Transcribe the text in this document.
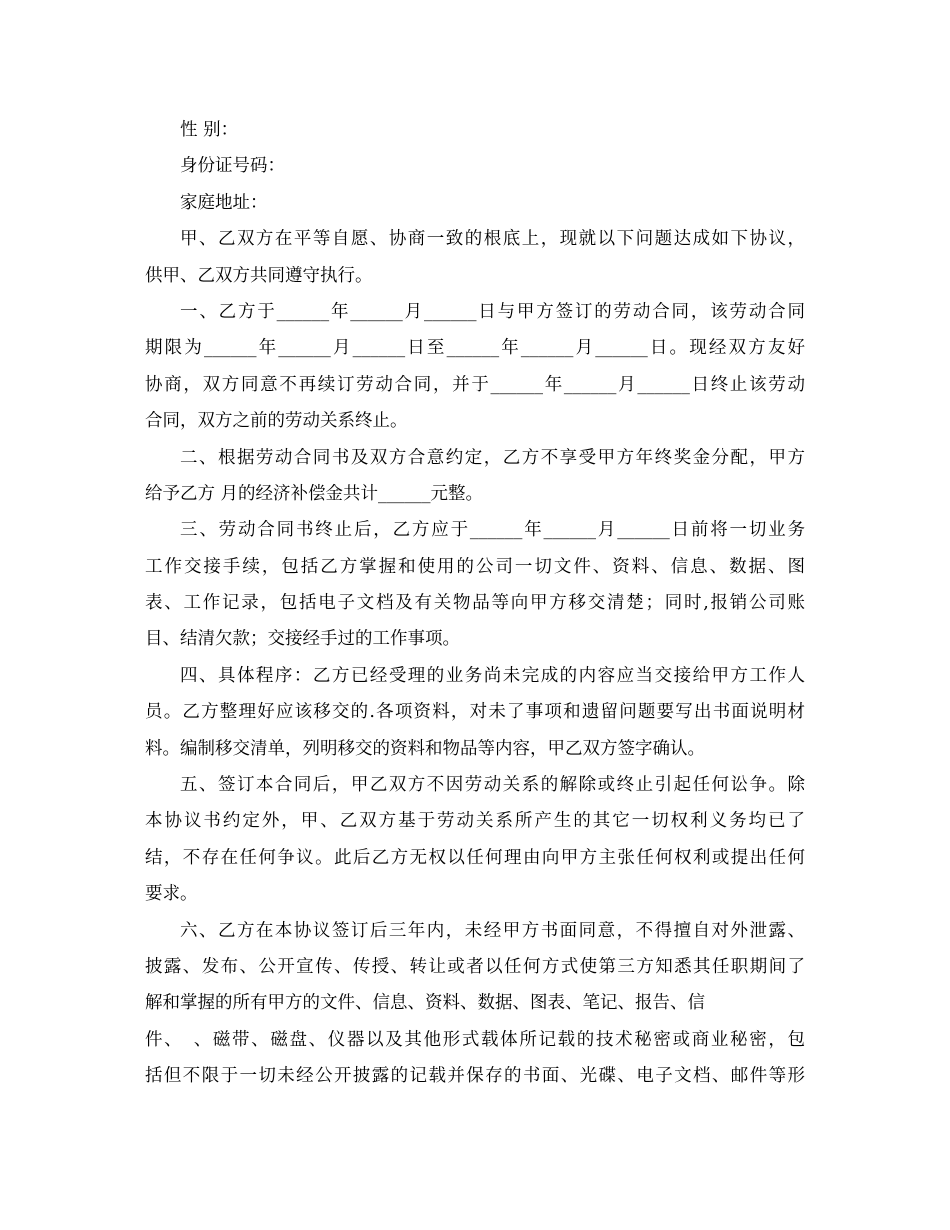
性 别：
身份证号码：
家庭地址：
甲、乙双方在平等自愿、协商一致的根底上，现就以下问题达成如下协议，
供甲、乙双方共同遵守执行。
一、乙方于______年______月______日与甲方签订的劳动合同，该劳动合同
期限为______年______月______日至______年______月______日。现经双方友好
协商，双方同意不再续订劳动合同，并于______年______月______日终止该劳动
合同，双方之前的劳动关系终止。
二、根据劳动合同书及双方合意约定，乙方不享受甲方年终奖金分配，甲方
给予乙方 月的经济补偿金共计______元整。
三、劳动合同书终止后，乙方应于______年______月______日前将一切业务
工作交接手续，包括乙方掌握和使用的公司一切文件、资料、信息、数据、图
表、工作记录，包括电子文档及有关物品等向甲方移交清楚；同时,报销公司账
目、结清欠款；交接经手过的工作事项。
四、具体程序：乙方已经受理的业务尚未完成的内容应当交接给甲方工作人
员。乙方整理好应该移交的.各项资料，对未了事项和遗留问题要写出书面说明材
料。编制移交清单，列明移交的资料和物品等内容，甲乙双方签字确认。
五、签订本合同后，甲乙双方不因劳动关系的解除或终止引起任何讼争。除
本协议书约定外，甲、乙双方基于劳动关系所产生的其它一切权利义务均已了
结，不存在任何争议。此后乙方无权以任何理由向甲方主张任何权利或提出任何
要求。
六、乙方在本协议签订后三年内，未经甲方书面同意，不得擅自对外泄露、
披露、发布、公开宣传、传授、转让或者以任何方式使第三方知悉其任职期间了
解和掌握的所有甲方的文件、信息、资料、数据、图表、笔记、报告、信
件、　、磁带、磁盘、仪器以及其他形式载体所记载的技术秘密或商业秘密，包
括但不限于一切未经公开披露的记载并保存的书面、光碟、电子文档、邮件等形
